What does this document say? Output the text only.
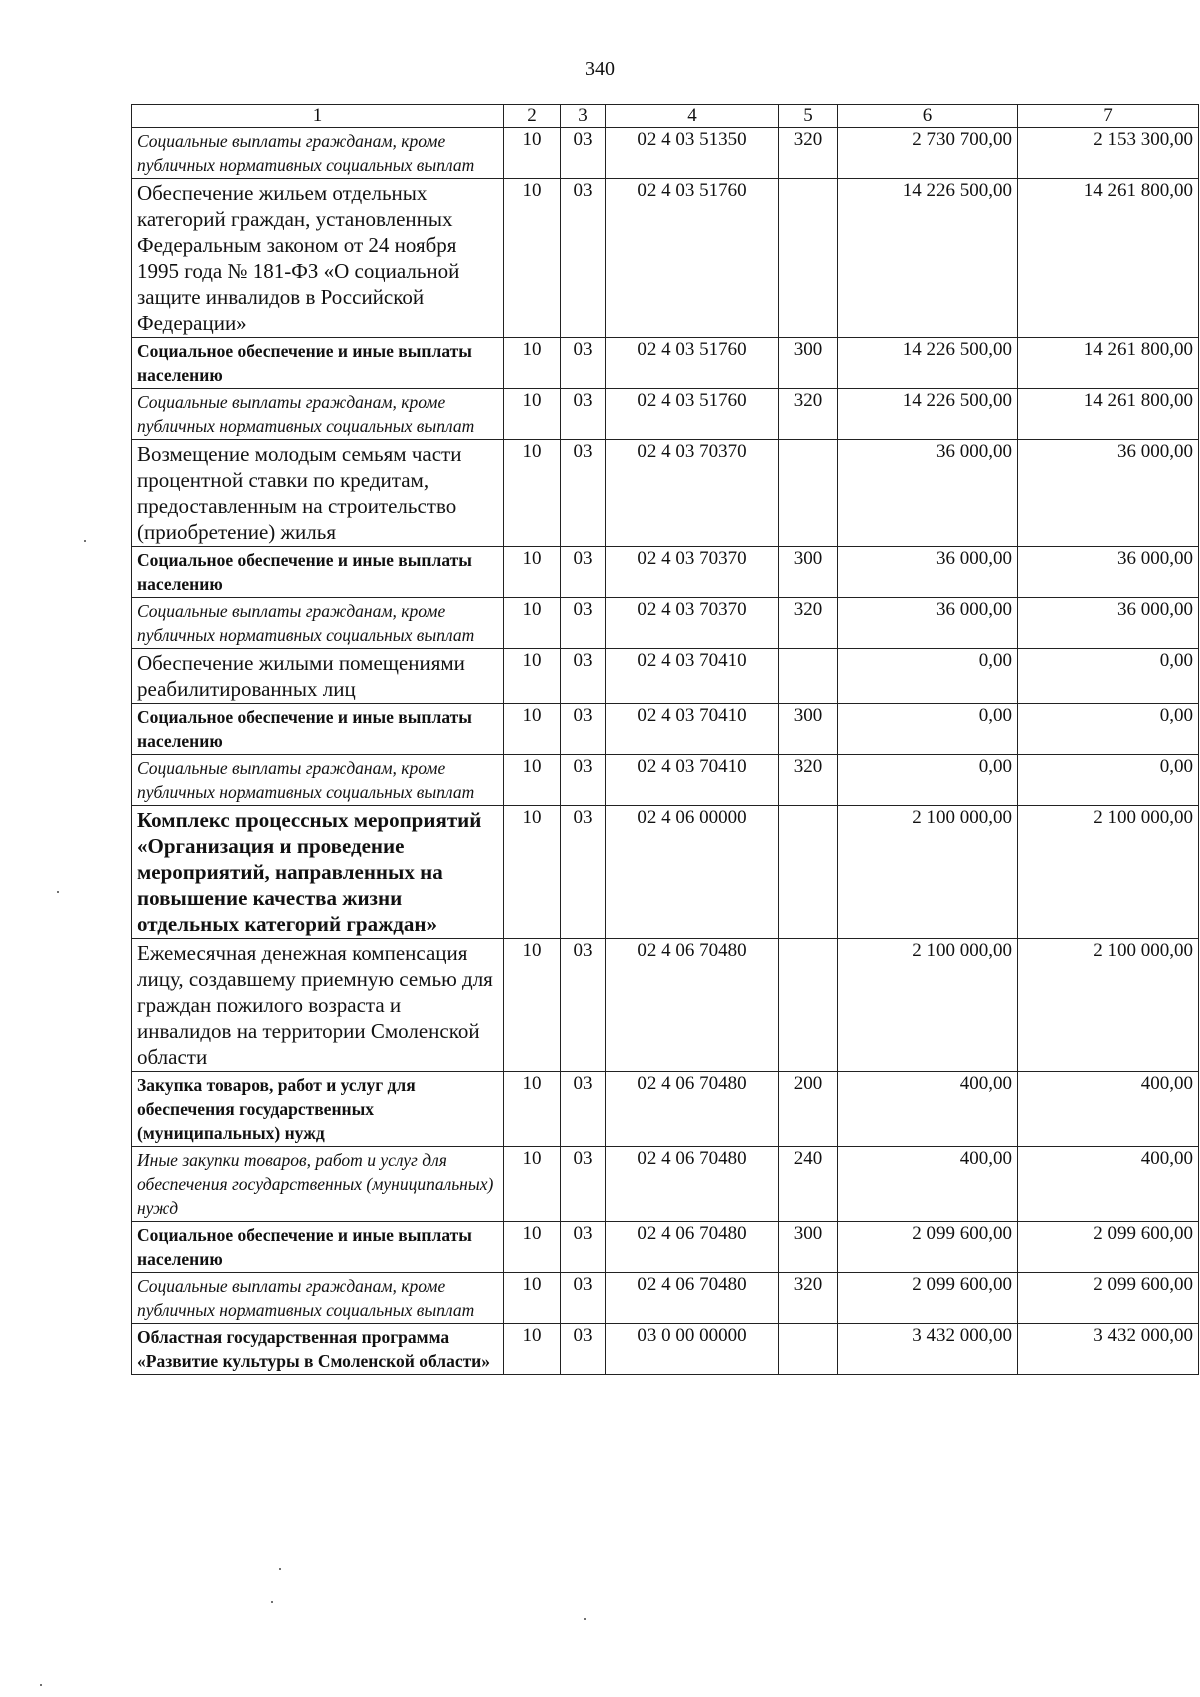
340
1	2	3	4	5	6	7
Социальные выплаты гражданам, кроме публичных нормативных социальных выплат	10	03	02 4 03 51350	320	2 730 700,00	2 153 300,00
Обеспечение жильем отдельных категорий граждан, установленных Федеральным законом от 24 ноября 1995 года № 181-ФЗ «О социальной защите инвалидов в Российской Федерации»	10	03	02 4 03 51760		14 226 500,00	14 261 800,00
Социальное обеспечение и иные выплаты населению	10	03	02 4 03 51760	300	14 226 500,00	14 261 800,00
Социальные выплаты гражданам, кроме публичных нормативных социальных выплат	10	03	02 4 03 51760	320	14 226 500,00	14 261 800,00
Возмещение молодым семьям части процентной ставки по кредитам, предоставленным на строительство (приобретение) жилья	10	03	02 4 03 70370		36 000,00	36 000,00
Социальное обеспечение и иные выплаты населению	10	03	02 4 03 70370	300	36 000,00	36 000,00
Социальные выплаты гражданам, кроме публичных нормативных социальных выплат	10	03	02 4 03 70370	320	36 000,00	36 000,00
Обеспечение жилыми помещениями реабилитированных лиц	10	03	02 4 03 70410		0,00	0,00
Социальное обеспечение и иные выплаты населению	10	03	02 4 03 70410	300	0,00	0,00
Социальные выплаты гражданам, кроме публичных нормативных социальных выплат	10	03	02 4 03 70410	320	0,00	0,00
Комплекс процессных мероприятий «Организация и проведение мероприятий, направленных на повышение качества жизни отдельных категорий граждан»	10	03	02 4 06 00000		2 100 000,00	2 100 000,00
Ежемесячная денежная компенсация лицу, создавшему приемную семью для граждан пожилого возраста и инвалидов на территории Смоленской области	10	03	02 4 06 70480		2 100 000,00	2 100 000,00
Закупка товаров, работ и услуг для обеспечения государственных (муниципальных) нужд	10	03	02 4 06 70480	200	400,00	400,00
Иные закупки товаров, работ и услуг для обеспечения государственных (муниципальных) нужд	10	03	02 4 06 70480	240	400,00	400,00
Социальное обеспечение и иные выплаты населению	10	03	02 4 06 70480	300	2 099 600,00	2 099 600,00
Социальные выплаты гражданам, кроме публичных нормативных социальных выплат	10	03	02 4 06 70480	320	2 099 600,00	2 099 600,00
Областная государственная программа «Развитие культуры в Смоленской области»	10	03	03 0 00 00000		3 432 000,00	3 432 000,00
